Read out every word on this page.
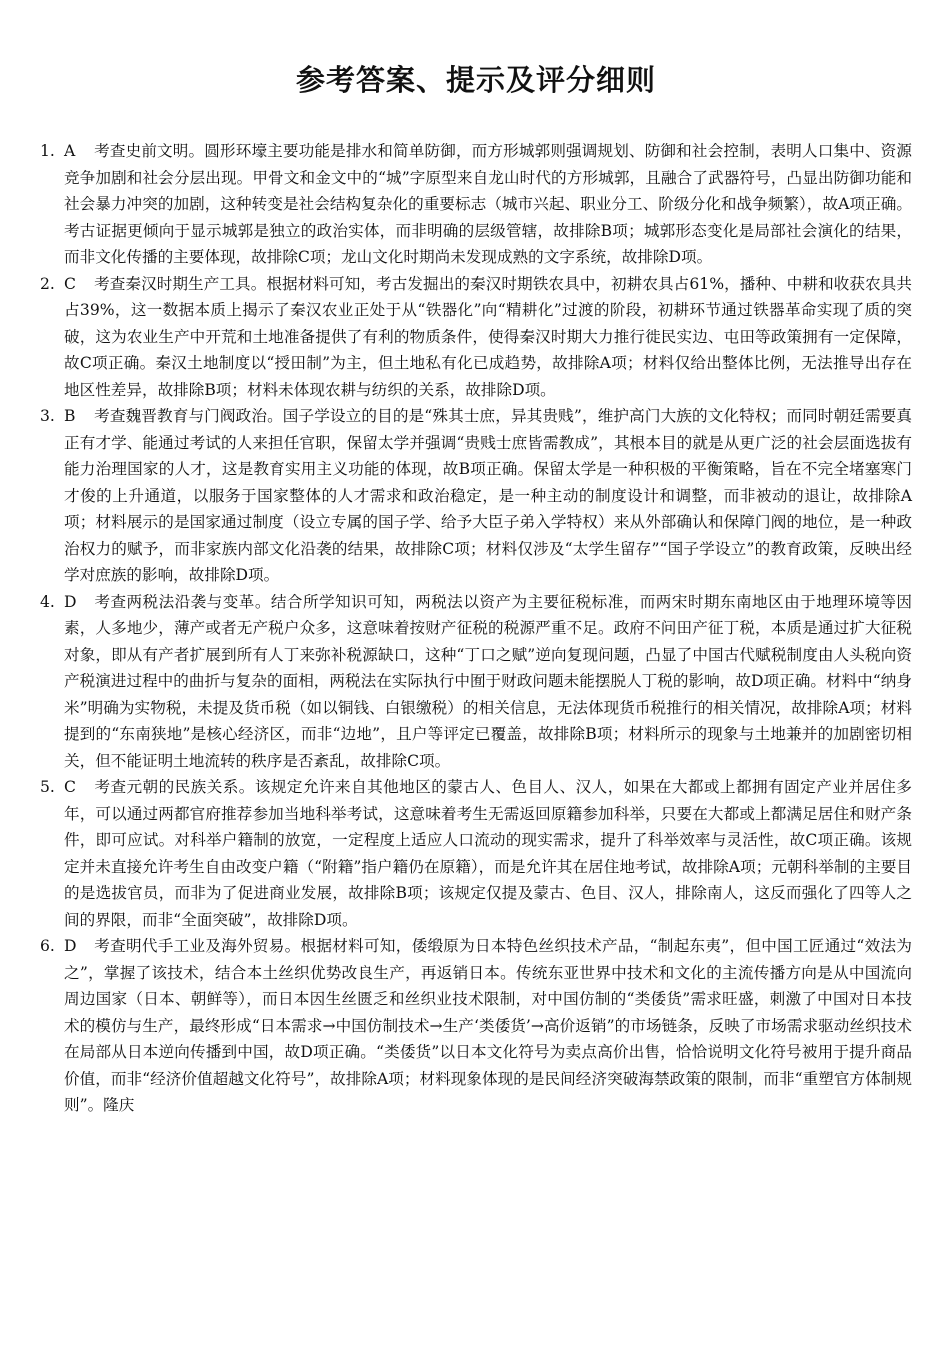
参考答案、提示及评分细则
1. A 考查史前文明。圆形环壕主要功能是排水和简单防御，而方形城郭则强调规划、防御和社会控制，表明人口集中、资源竞争加剧和社会分层出现。甲骨文和金文中的“城”字原型来自龙山时代的方形城郭，且融合了武器符号，凸显出防御功能和社会暴力冲突的加剧，这种转变是社会结构复杂化的重要标志（城市兴起、职业分工、阶级分化和战争频繁），故A项正确。考古证据更倾向于显示城郭是独立的政治实体，而非明确的层级管辖，故排除B项；城郭形态变化是局部社会演化的结果，而非文化传播的主要体现，故排除C项；龙山文化时期尚未发现成熟的文字系统，故排除D项。
2. C 考查秦汉时期生产工具。根据材料可知，考古发掘出的秦汉时期铁农具中，初耕农具占61%，播种、中耕和收获农具共占39%，这一数据本质上揭示了秦汉农业正处于从“铁器化”向“精耕化”过渡的阶段，初耕环节通过铁器革命实现了质的突破，这为农业生产中开荒和土地准备提供了有利的物质条件，使得秦汉时期大力推行徙民实边、屯田等政策拥有一定保障，故C项正确。秦汉土地制度以“授田制”为主，但土地私有化已成趋势，故排除A项；材料仅给出整体比例，无法推导出存在地区性差异，故排除B项；材料未体现农耕与纺织的关系，故排除D项。
3. B 考查魏晋教育与门阀政治。国子学设立的目的是“殊其士庶，异其贵贱”，维护高门大族的文化特权；而同时朝廷需要真正有才学、能通过考试的人来担任官职，保留太学并强调“贵贱士庶皆需教成”，其根本目的就是从更广泛的社会层面选拔有能力治理国家的人才，这是教育实用主义功能的体现，故B项正确。保留太学是一种积极的平衡策略，旨在不完全堵塞寒门才俊的上升通道，以服务于国家整体的人才需求和政治稳定，是一种主动的制度设计和调整，而非被动的退让，故排除A项；材料展示的是国家通过制度（设立专属的国子学、给予大臣子弟入学特权）来从外部确认和保障门阀的地位，是一种政治权力的赋予，而非家族内部文化沿袭的结果，故排除C项；材料仅涉及“太学生留存”“国子学设立”的教育政策，反映出经学对庶族的影响，故排除D项。
4. D 考查两税法沿袭与变革。结合所学知识可知，两税法以资产为主要征税标准，而两宋时期东南地区由于地理环境等因素，人多地少，薄产或者无产税户众多，这意味着按财产征税的税源严重不足。政府不问田产征丁税，本质是通过扩大征税对象，即从有产者扩展到所有人丁来弥补税源缺口，这种“丁口之赋”逆向复现问题，凸显了中国古代赋税制度由人头税向资产税演进过程中的曲折与复杂的面相，两税法在实际执行中囿于财政问题未能摆脱人丁税的影响，故D项正确。材料中“纳身米”明确为实物税，未提及货币税（如以铜钱、白银缴税）的相关信息，无法体现货币税推行的相关情况，故排除A项；材料提到的“东南狭地”是核心经济区，而非“边地”，且户等评定已覆盖，故排除B项；材料所示的现象与土地兼并的加剧密切相关，但不能证明土地流转的秩序是否紊乱，故排除C项。
5. C 考查元朝的民族关系。该规定允许来自其他地区的蒙古人、色目人、汉人，如果在大都或上都拥有固定产业并居住多年，可以通过两都官府推荐参加当地科举考试，这意味着考生无需返回原籍参加科举，只要在大都或上都满足居住和财产条件，即可应试。对科举户籍制的放宽，一定程度上适应人口流动的现实需求，提升了科举效率与灵活性，故C项正确。该规定并未直接允许考生自由改变户籍（“附籍”指户籍仍在原籍），而是允许其在居住地考试，故排除A项；元朝科举制的主要目的是选拔官员，而非为了促进商业发展，故排除B项；该规定仅提及蒙古、色目、汉人，排除南人，这反而强化了四等人之间的界限，而非“全面突破”，故排除D项。
6. D 考查明代手工业及海外贸易。根据材料可知，倭缎原为日本特色丝织技术产品，“制起东夷”，但中国工匠通过“效法为之”，掌握了该技术，结合本土丝织优势改良生产，再返销日本。传统东亚世界中技术和文化的主流传播方向是从中国流向周边国家（日本、朝鲜等），而日本因生丝匮乏和丝织业技术限制，对中国仿制的“类倭货”需求旺盛，刺激了中国对日本技术的模仿与生产，最终形成“日本需求→中国仿制技术→生产‘类倭货’→高价返销”的市场链条，反映了市场需求驱动丝织技术在局部从日本逆向传播到中国，故D项正确。“类倭货”以日本文化符号为卖点高价出售，恰恰说明文化符号被用于提升商品价值，而非“经济价值超越文化符号”，故排除A项；材料现象体现的是民间经济突破海禁政策的限制，而非“重塑官方体制规则”。隆庆
